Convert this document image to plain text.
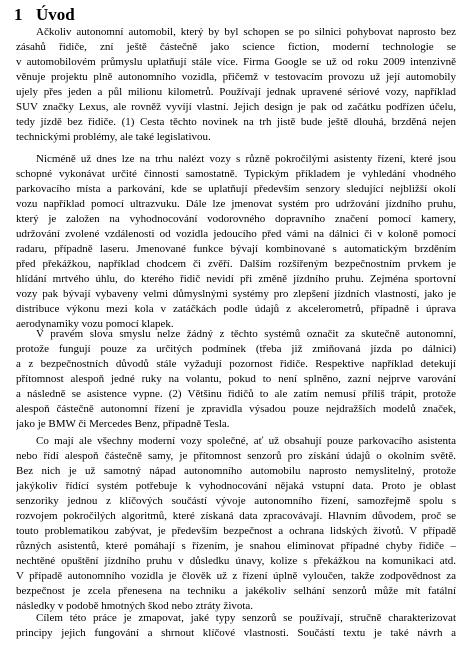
1 Úvod
Ačkoliv autonomní automobil, který by byl schopen se po silnici pohybovat naprosto bez
zásahů řidiče, zní ještě částečně jako science fiction, moderní technologie se
v automobilovém průmyslu uplatňují stále více. Firma Google se už od roku 2009 intenzivně
věnuje projektu plně autonomního vozidla, přičemž v testovacím provozu už její automobily
ujely přes jeden a půl milionu kilometrů. Používají jednak upravené sériové vozy, například
SUV značky Lexus, ale rovněž vyvíjí vlastní. Jejich design je pak od začátku podřízen účelu,
tedy jízdě bez řidiče. (1) Cesta těchto novinek na trh jistě bude ještě dlouhá, brzděná nejen
technickými problémy, ale také legislativou.
Nicméně už dnes lze na trhu nalézt vozy s různě pokročilými asistenty řízení, které jsou
schopné vykonávat určité činnosti samostatně. Typickým příkladem je vyhledání vhodného
parkovacího místa a parkování, kde se uplatňují především senzory sledující nejbližší okolí
vozu například pomocí ultrazvuku. Dále lze jmenovat systém pro udržování jízdního pruhu,
který je založen na vyhodnocování vodorovného dopravního značení pomocí kamery,
udržování zvolené vzdálenosti od vozidla jedoucího před vámi na dálnici či v koloně pomocí
radaru, případně laseru. Jmenované funkce bývají kombinované s automatickým brzděním
před překážkou, například chodcem či zvěří. Dalším rozšířeným bezpečnostním prvkem je
hlídání mrtvého úhlu, do kterého řidič nevidí při změně jízdního pruhu. Zejména sportovní
vozy pak bývají vybaveny velmi důmyslnými systémy pro zlepšení jízdních vlastností, jako je
distribuce výkonu mezi kola v zatáčkách podle údajů z akcelerometrů, případně i úprava
aerodynamiky vozu pomocí klapek.
V pravém slova smyslu nelze žádný z těchto systémů označit za skutečně autonomní,
protože fungují pouze za určitých podmínek (třeba již zmiňovaná jízda po dálnici)
a z bezpečnostních důvodů stále vyžadují pozornost řidiče. Respektive například detekují
přítomnost alespoň jedné ruky na volantu, pokud to není splněno, zazní nejprve varování
a následně se asistence vypne. (2) Většinu řidičů to ale zatím nemusí příliš trápit, protože
alespoň částečně autonomní řízení je zpravidla výsadou pouze nejdražších modelů značek,
jako je BMW či Mercedes Benz, případně Tesla.
Co mají ale všechny moderní vozy společné, ať už obsahují pouze parkovacího asistenta
nebo řídí alespoň částečně samy, je přítomnost senzorů pro získání údajů o okolním světě.
Bez nich je už samotný nápad autonomního automobilu naprosto nemyslitelný, protože
jakýkoliv řídící systém potřebuje k vyhodnocování nějaká vstupní data. Proto je oblast
senzoriky jednou z klíčových součástí vývoje autonomního řízení, samozřejmě spolu s
rozvojem pokročilých algoritmů, které získaná data zpracovávají. Hlavním důvodem, proč se
touto problematikou zabývat, je především bezpečnost a ochrana lidských životů. V případě
různých asistentů, které pomáhají s řízením, je snahou eliminovat případné chyby řidiče –
nechtěné opuštění jízdního pruhu v důsledku únavy, kolize s překážkou na komunikaci atd.
V případě autonomního vozidla je člověk už z řízení úplně vyloučen, takže zodpovědnost za
bezpečnost je zcela přenesena na techniku a jakékoliv selhání senzorů může mít fatální
následky v podobě hmotných škod nebo ztráty života.
Cílem této práce je zmapovat, jaké typy senzorů se používají, stručně charakterizovat
principy jejich fungování a shrnout klíčové vlastnosti. Součástí textu je také návrh a
